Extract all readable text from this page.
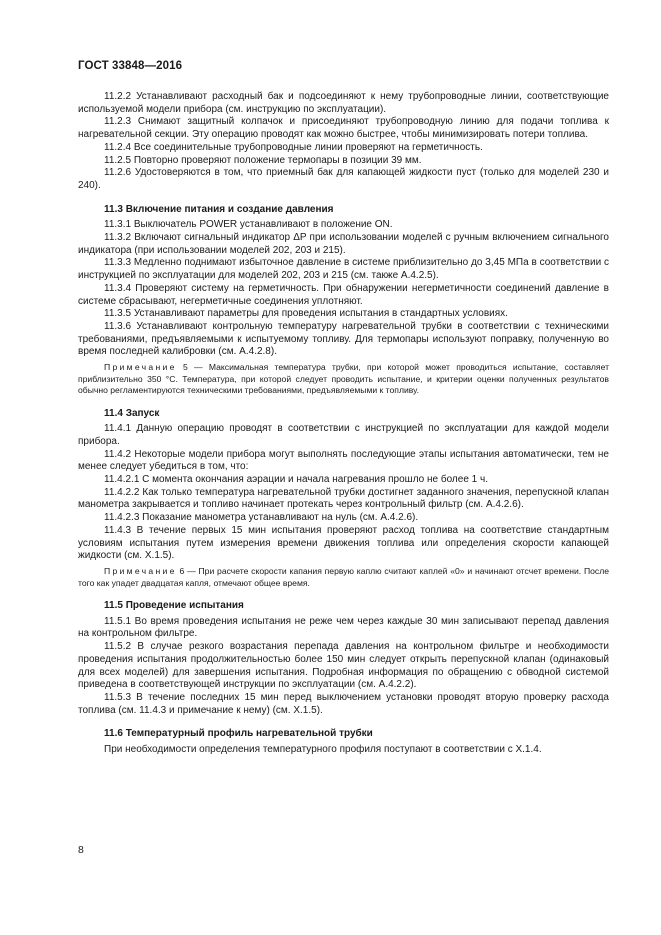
ГОСТ 33848—2016

11.2.2 Устанавливают расходный бак и подсоединяют к нему трубопроводные линии, соответствующие используемой модели прибора (см. инструкцию по эксплуатации).

11.2.3 Снимают защитный колпачок и присоединяют трубопроводную линию для подачи топлива к нагревательной секции. Эту операцию проводят как можно быстрее, чтобы минимизировать потери топлива.

11.2.4 Все соединительные трубопроводные линии проверяют на герметичность.

11.2.5 Повторно проверяют положение термопары в позиции 39 мм.

11.2.6 Удостоверяются в том, что приемный бак для капающей жидкости пуст (только для моделей 230 и 240).

11.3 Включение питания и создание давления

11.3.1 Выключатель POWER устанавливают в положение ON.

11.3.2 Включают сигнальный индикатор ΔP при использовании моделей с ручным включением сигнального индикатора (при использовании моделей 202, 203 и 215).

11.3.3 Медленно поднимают избыточное давление в системе приблизительно до 3,45 МПа в соответствии с инструкцией по эксплуатации для моделей 202, 203 и 215 (см. также А.4.2.5).

11.3.4 Проверяют систему на герметичность. При обнаружении негерметичности соединений давление в системе сбрасывают, негерметичные соединения уплотняют.

11.3.5 Устанавливают параметры для проведения испытания в стандартных условиях.

11.3.6 Устанавливают контрольную температуру нагревательной трубки в соответствии с техническими требованиями, предъявляемыми к испытуемому топливу. Для термопары используют поправку, полученную во время последней калибровки (см. А.4.2.8).

Примечание 5 — Максимальная температура трубки, при которой может проводиться испытание, составляет приблизительно 350 °C. Температура, при которой следует проводить испытание, и критерии оценки полученных результатов обычно регламентируются техническими требованиями, предъявляемыми к топливу.

11.4 Запуск

11.4.1 Данную операцию проводят в соответствии с инструкцией по эксплуатации для каждой модели прибора.

11.4.2 Некоторые модели прибора могут выполнять последующие этапы испытания автоматически, тем не менее следует убедиться в том, что:

11.4.2.1 С момента окончания аэрации и начала нагревания прошло не более 1 ч.

11.4.2.2 Как только температура нагревательной трубки достигнет заданного значения, перепускной клапан манометра закрывается и топливо начинает протекать через контрольный фильтр (см. А.4.2.6).

11.4.2.3 Показание манометра устанавливают на нуль (см. А.4.2.6).

11.4.3 В течение первых 15 мин испытания проверяют расход топлива на соответствие стандартным условиям испытания путем измерения времени движения топлива или определения скорости капающей жидкости (см. Х.1.5).

Примечание 6 — При расчете скорости капания первую каплю считают каплей «0» и начинают отсчет времени. После того как упадет двадцатая капля, отмечают общее время.

11.5 Проведение испытания

11.5.1 Во время проведения испытания не реже чем через каждые 30 мин записывают перепад давления на контрольном фильтре.

11.5.2 В случае резкого возрастания перепада давления на контрольном фильтре и необходимости проведения испытания продолжительностью более 150 мин следует открыть перепускной клапан (одинаковый для всех моделей) для завершения испытания. Подробная информация по обращению с обводной системой приведена в соответствующей инструкции по эксплуатации (см. А.4.2.2).

11.5.3 В течение последних 15 мин перед выключением установки проводят вторую проверку расхода топлива (см. 11.4.3 и примечание к нему) (см. Х.1.5).

11.6 Температурный профиль нагревательной трубки

При необходимости определения температурного профиля поступают в соответствии с Х.1.4.

8
